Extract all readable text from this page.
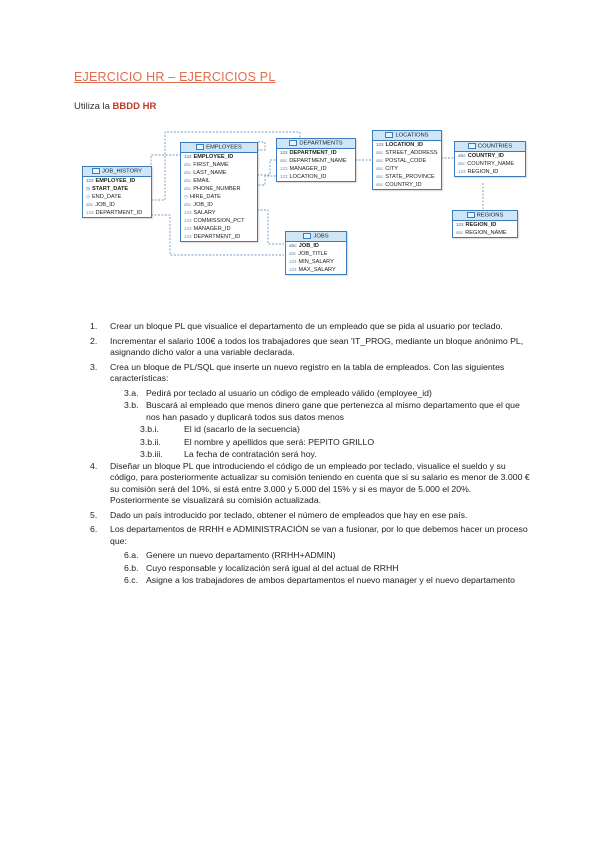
EJERCICIO HR – EJERCICIOS PL
Utiliza la BBDD HR
JOB_HISTORY
123 EMPLOYEE_ID
◷ START_DATE
◷ END_DATE
abc JOB_ID
123 DEPARTMENT_ID
EMPLOYEES
123 EMPLOYEE_ID
abc FIRST_NAME
abc LAST_NAME
abc EMAIL
abc PHONE_NUMBER
◷ HIRE_DATE
abc JOB_ID
123 SALARY
123 COMMISSION_PCT
123 MANAGER_ID
123 DEPARTMENT_ID
DEPARTMENTS
123 DEPARTMENT_ID
abc DEPARTMENT_NAME
123 MANAGER_ID
123 LOCATION_ID
LOCATIONS
123 LOCATION_ID
abc STREET_ADDRESS
abc POSTAL_CODE
abc CITY
abc STATE_PROVINCE
abc COUNTRY_ID
COUNTRIES
abc COUNTRY_ID
abc COUNTRY_NAME
123 REGION_ID
REGIONS
123 REGION_ID
abc REGION_NAME
JOBS
abc JOB_ID
abc JOB_TITLE
123 MIN_SALARY
123 MAX_SALARY
1. Crear un bloque PL que visualice el departamento de un empleado que se pida al usuario por teclado.
2. Incrementar el salario 100€ a todos los trabajadores que sean 'IT_PROG, mediante un bloque anónimo PL, asignando dicho valor a una variable declarada.
3. Crea un bloque de PL/SQL que inserte un nuevo registro en la tabla de empleados. Con las siguientes características:
3.a. Pedirá por teclado al usuario un código de empleado válido (employee_id)
3.b. Buscará al empleado que menos dinero gane que pertenezca al mismo departamento que el que nos han pasado y duplicará todos sus datos menos
3.b.i.	El id (sacarlo de la secuencia)
3.b.ii.	El nombre y apellidos que será: PEPITO GRILLO
3.b.iii. La fecha de contratación será hoy.
4. Diseñar un bloque PL que introduciendo el código de un empleado por teclado, visualice el sueldo y su código, para posteriormente actualizar su comisión teniendo en cuenta que si su salario es menor de 3.000 € su comisión será del 10%, si está entre 3.000 y 5.000 del 15% y si es mayor de 5.000 el 20%. Posteriormente se visualizará su comisión actualizada.
5. Dado un país introducido por teclado, obtener el número de empleados que hay en ese país.
6. Los departamentos de RRHH e ADMINISTRACIÓN se van a fusionar, por lo que debemos hacer un proceso que:
6.a. Genere un nuevo departamento (RRHH+ADMIN)
6.b. Cuyo responsable y localización será igual al del actual de RRHH
6.c. Asigne a los trabajadores de ambos departamentos el nuevo manager y el nuevo departamento
